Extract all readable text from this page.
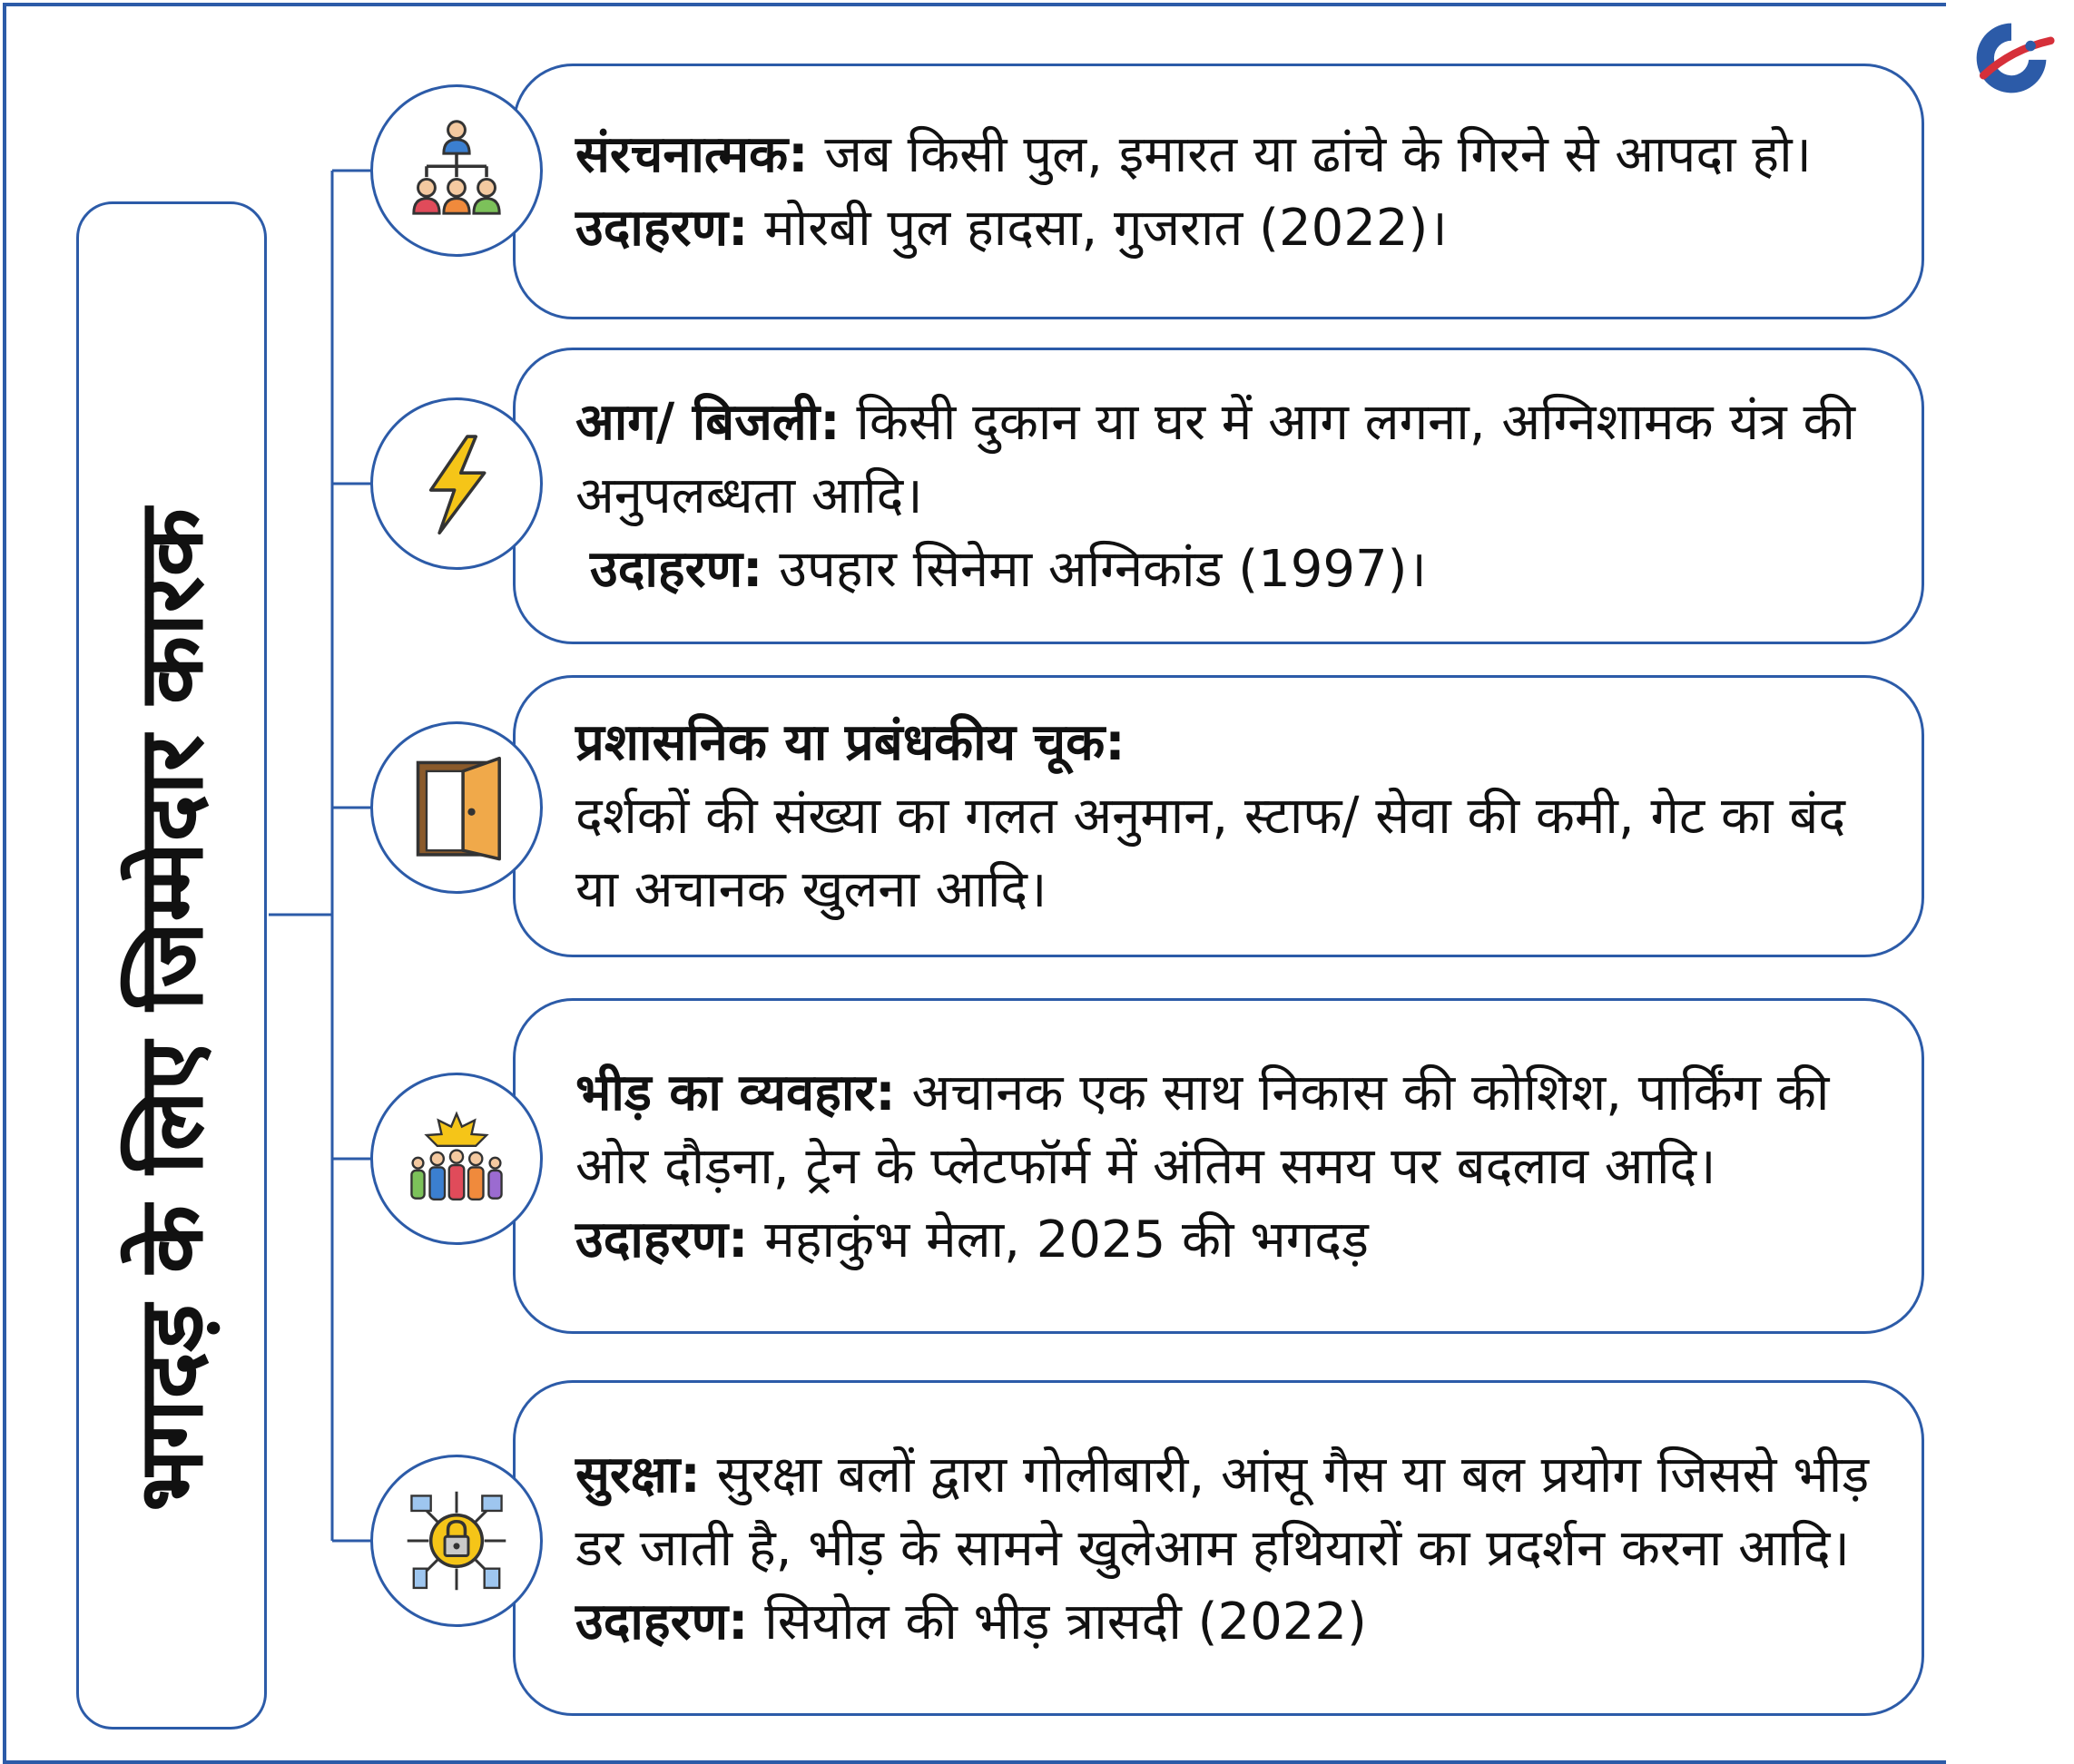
भगदड़ के लिए जिम्मेदार कारक

संरचनात्मक: जब किसी पुल, इमारत या ढांचे के गिरने से आपदा हो।

उदाहरण: मोरबी पुल हादसा, गुजरात (2022)।

आग/ बिजली: किसी दुकान या घर में आग लगना, अग्निशामक यंत्र की अनुपलब्धता आदि।

उदाहरण: उपहार सिनेमा अग्निकांड (1997)।

प्रशासनिक या प्रबंधकीय चूक:

दर्शकों की संख्या का गलत अनुमान, स्टाफ/ सेवा की कमी, गेट का बंद या अचानक खुलना आदि।

भीड़ का व्यवहार: अचानक एक साथ निकास की कोशिश, पार्किंग की ओर दौड़ना, ट्रेन के प्लेटफॉर्म में अंतिम समय पर बदलाव आदि।

उदाहरण: महाकुंभ मेला, 2025 की भगदड़

सुरक्षा: सुरक्षा बलों द्वारा गोलीबारी, आंसू गैस या बल प्रयोग जिससे भीड़ डर जाती है, भीड़ के सामने खुलेआम हथियारों का प्रदर्शन करना आदि।

उदाहरण: सियोल की भीड़ त्रासदी (2022)
